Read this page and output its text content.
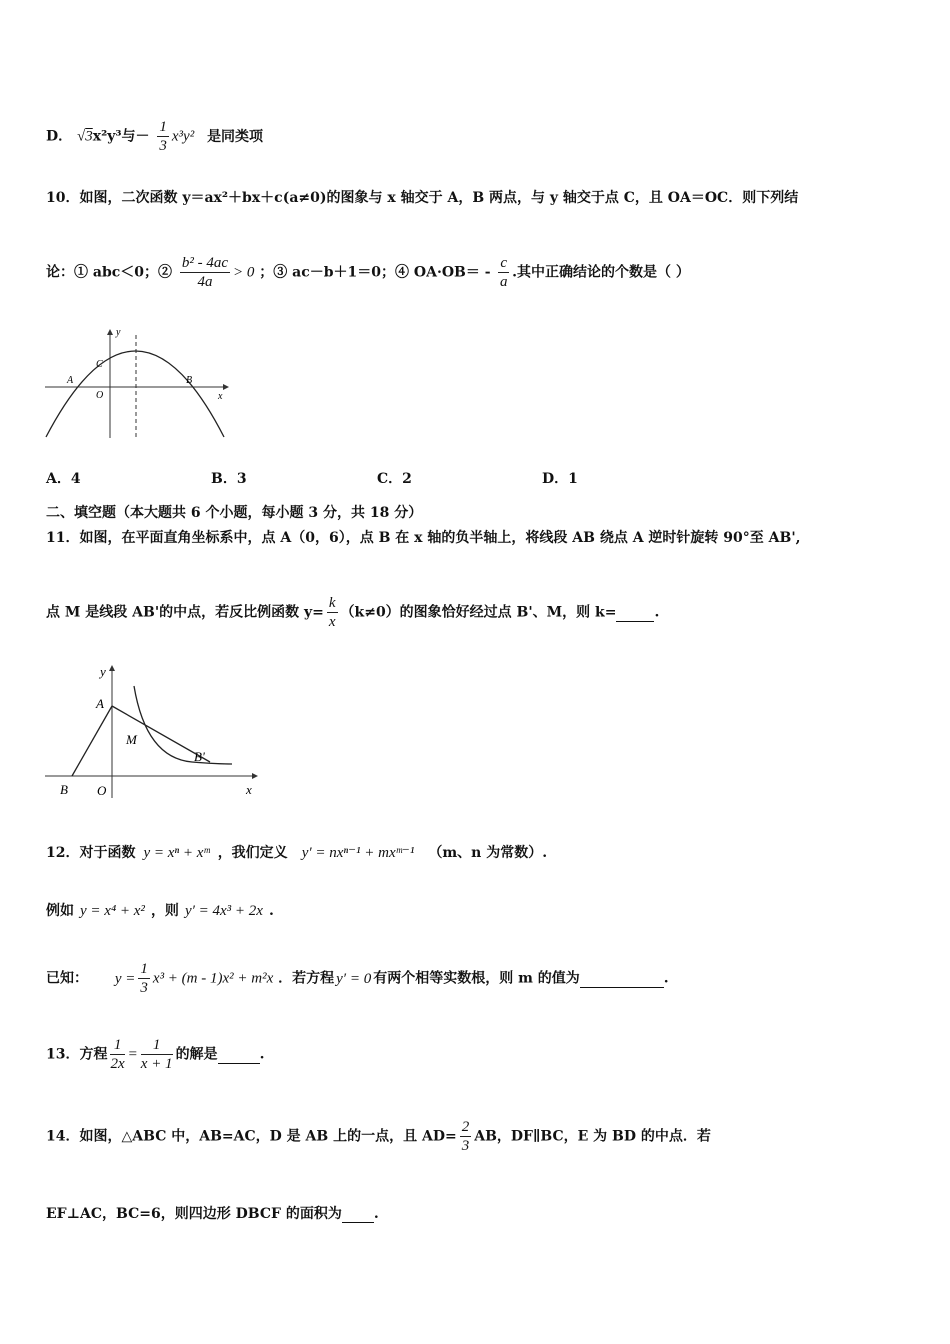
D． √3x²y³与－ $\frac{1}{3} x^3y^2$ 是同类项
10．如图，二次函数 y＝ax²＋bx＋c(a≠0)的图象与 x 轴交于 A，B 两点，与 y 轴交于点 C，且 OA＝OC．则下列结
论：① abc＜0；② $\frac{\text{b² - 4ac}}{4a} > 0$ ；③ ac－b＋1＝0；④ $OA\cdot OB= - \frac{c}{a}$ .其中正确结论的个数是（ ）
y
x
A	B
C
O
A．4	B．3	C．2	D．1
二、填空题（本大题共 6 个小题，每小题 3 分，共 18 分）
11．如图，在平面直角坐标系中，点 A（0，6），点 B 在 x 轴的负半轴上，将线段 AB 绕点 A 逆时针旋转 90°至 AB',
点 M 是线段 AB'的中点，若反比例函数 $y= \frac{k}{x} (k\ne 0)$的图象恰好经过点 B'、M，则 k=	.
y
x
A
M
B'
B O
12．对于函数 y = xⁿ + xᵐ ，我们定义 y′ = nxⁿ⁻¹ + mxᵐ⁻¹ （m、n 为常数）.
例如 y = x⁴ + x² ，则 y′ = 4x³ + 2x .
已知： $y = \frac{1}{3} x^3 + (m - 1)x^2 + m^2x$ ．若方程 y′ = 0 有两个相等实数根，则 m 的值为	.
13．方程 $\frac{1}{2x} = \frac{1}{x + 1}$ 的解是	.
14．如图，△ABC 中，AB=AC，D 是 AB 上的一点，且 $AD= \frac{2}{3}$ AB，DF∥BC，E 为 BD 的中点．若
EF⊥AC，BC=6，则四边形 DBCF 的面积为 .
